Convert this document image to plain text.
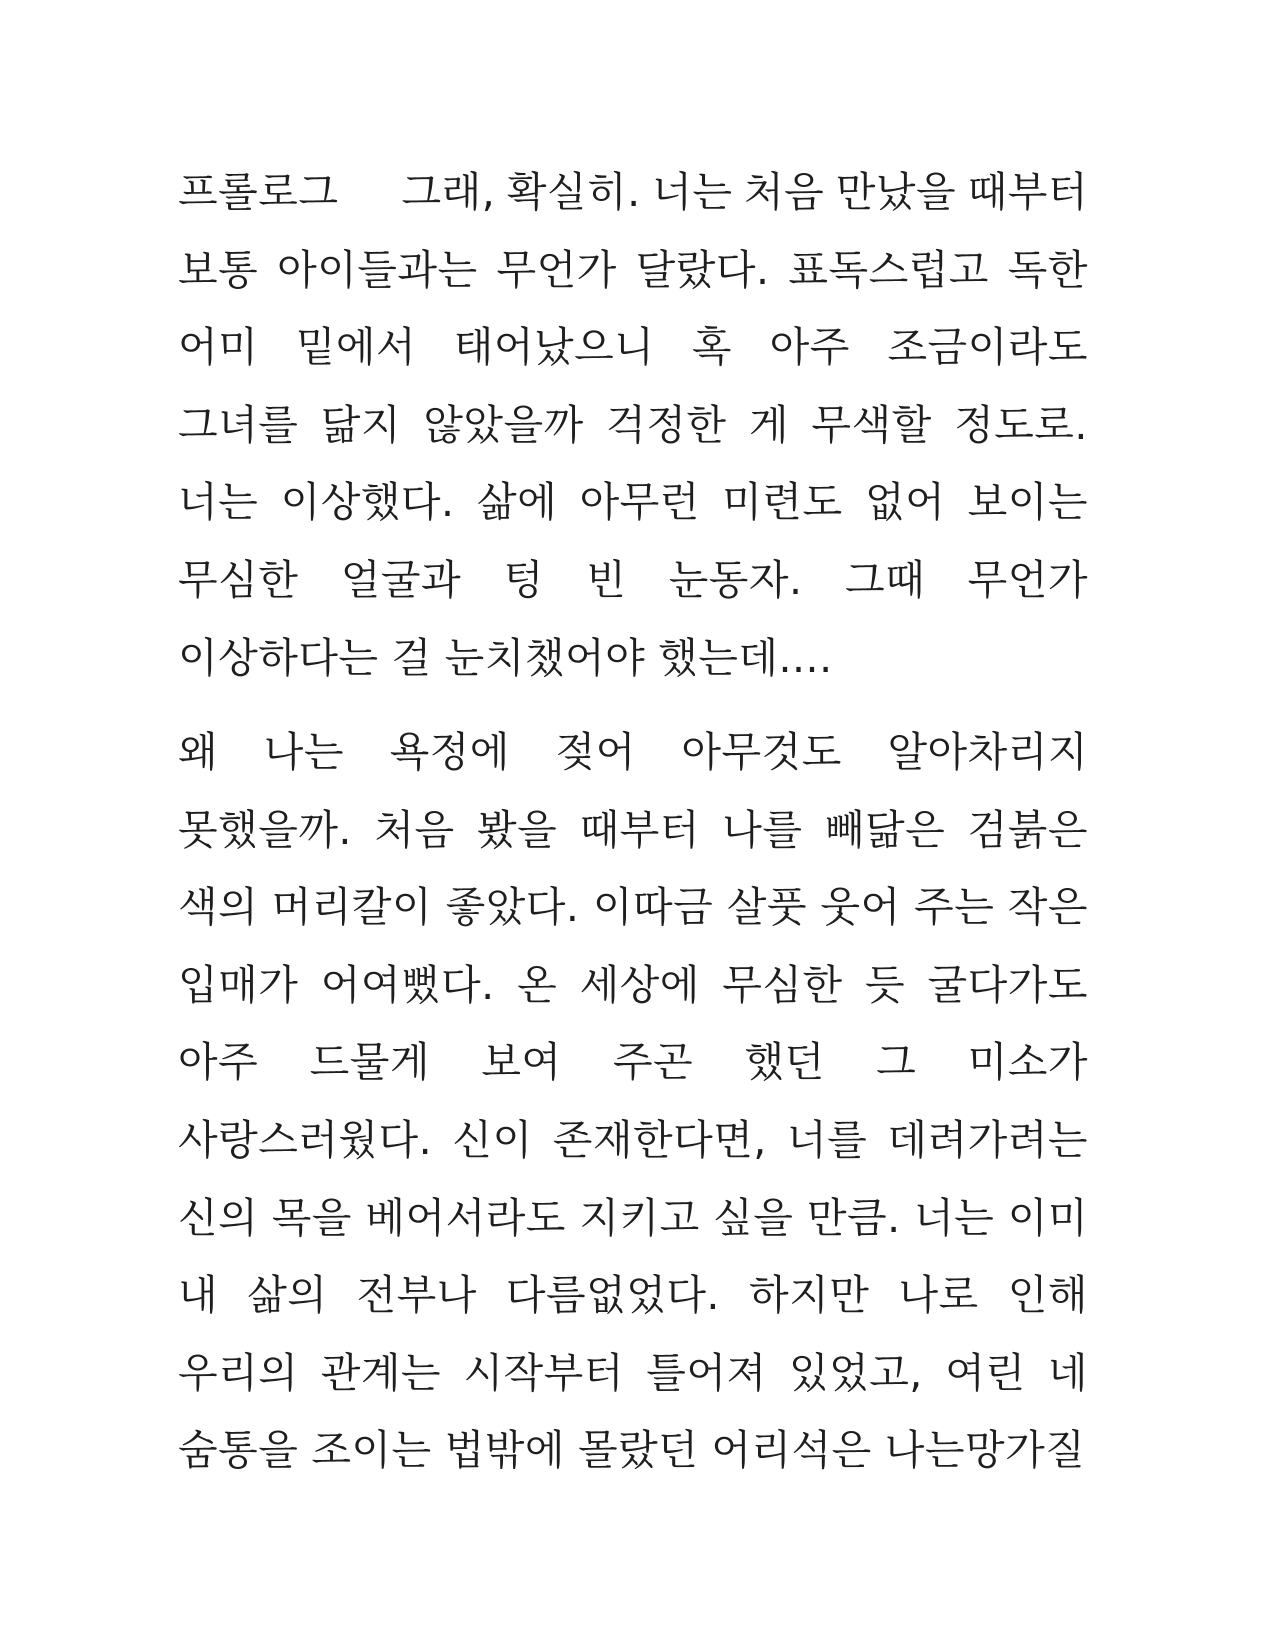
프롤로그 그래, 확실히. 너는 처음 만났을 때부터
보통 아이들과는 무언가 달랐다. 표독스럽고 독한
어미 밑에서 태어났으니 혹 아주 조금이라도
그녀를 닮지 않았을까 걱정한 게 무색할 정도로.
너는 이상했다. 삶에 아무런 미련도 없어 보이는
무심한 얼굴과 텅 빈 눈동자. 그때 무언가
이상하다는 걸 눈치챘어야 했는데....
왜 나는 욕정에 젖어 아무것도 알아차리지
못했을까. 처음 봤을 때부터 나를 빼닮은 검붉은
색의 머리칼이 좋았다. 이따금 살풋 웃어 주는 작은
입매가 어여뻤다. 온 세상에 무심한 듯 굴다가도
아주 드물게 보여 주곤 했던 그 미소가
사랑스러웠다. 신이 존재한다면, 너를 데려가려는
신의 목을 베어서라도 지키고 싶을 만큼. 너는 이미
내 삶의 전부나 다름없었다. 하지만 나로 인해
우리의 관계는 시작부터 틀어져 있었고, 여린 네
숨통을 조이는 법밖에 몰랐던 어리석은 나는망가질
